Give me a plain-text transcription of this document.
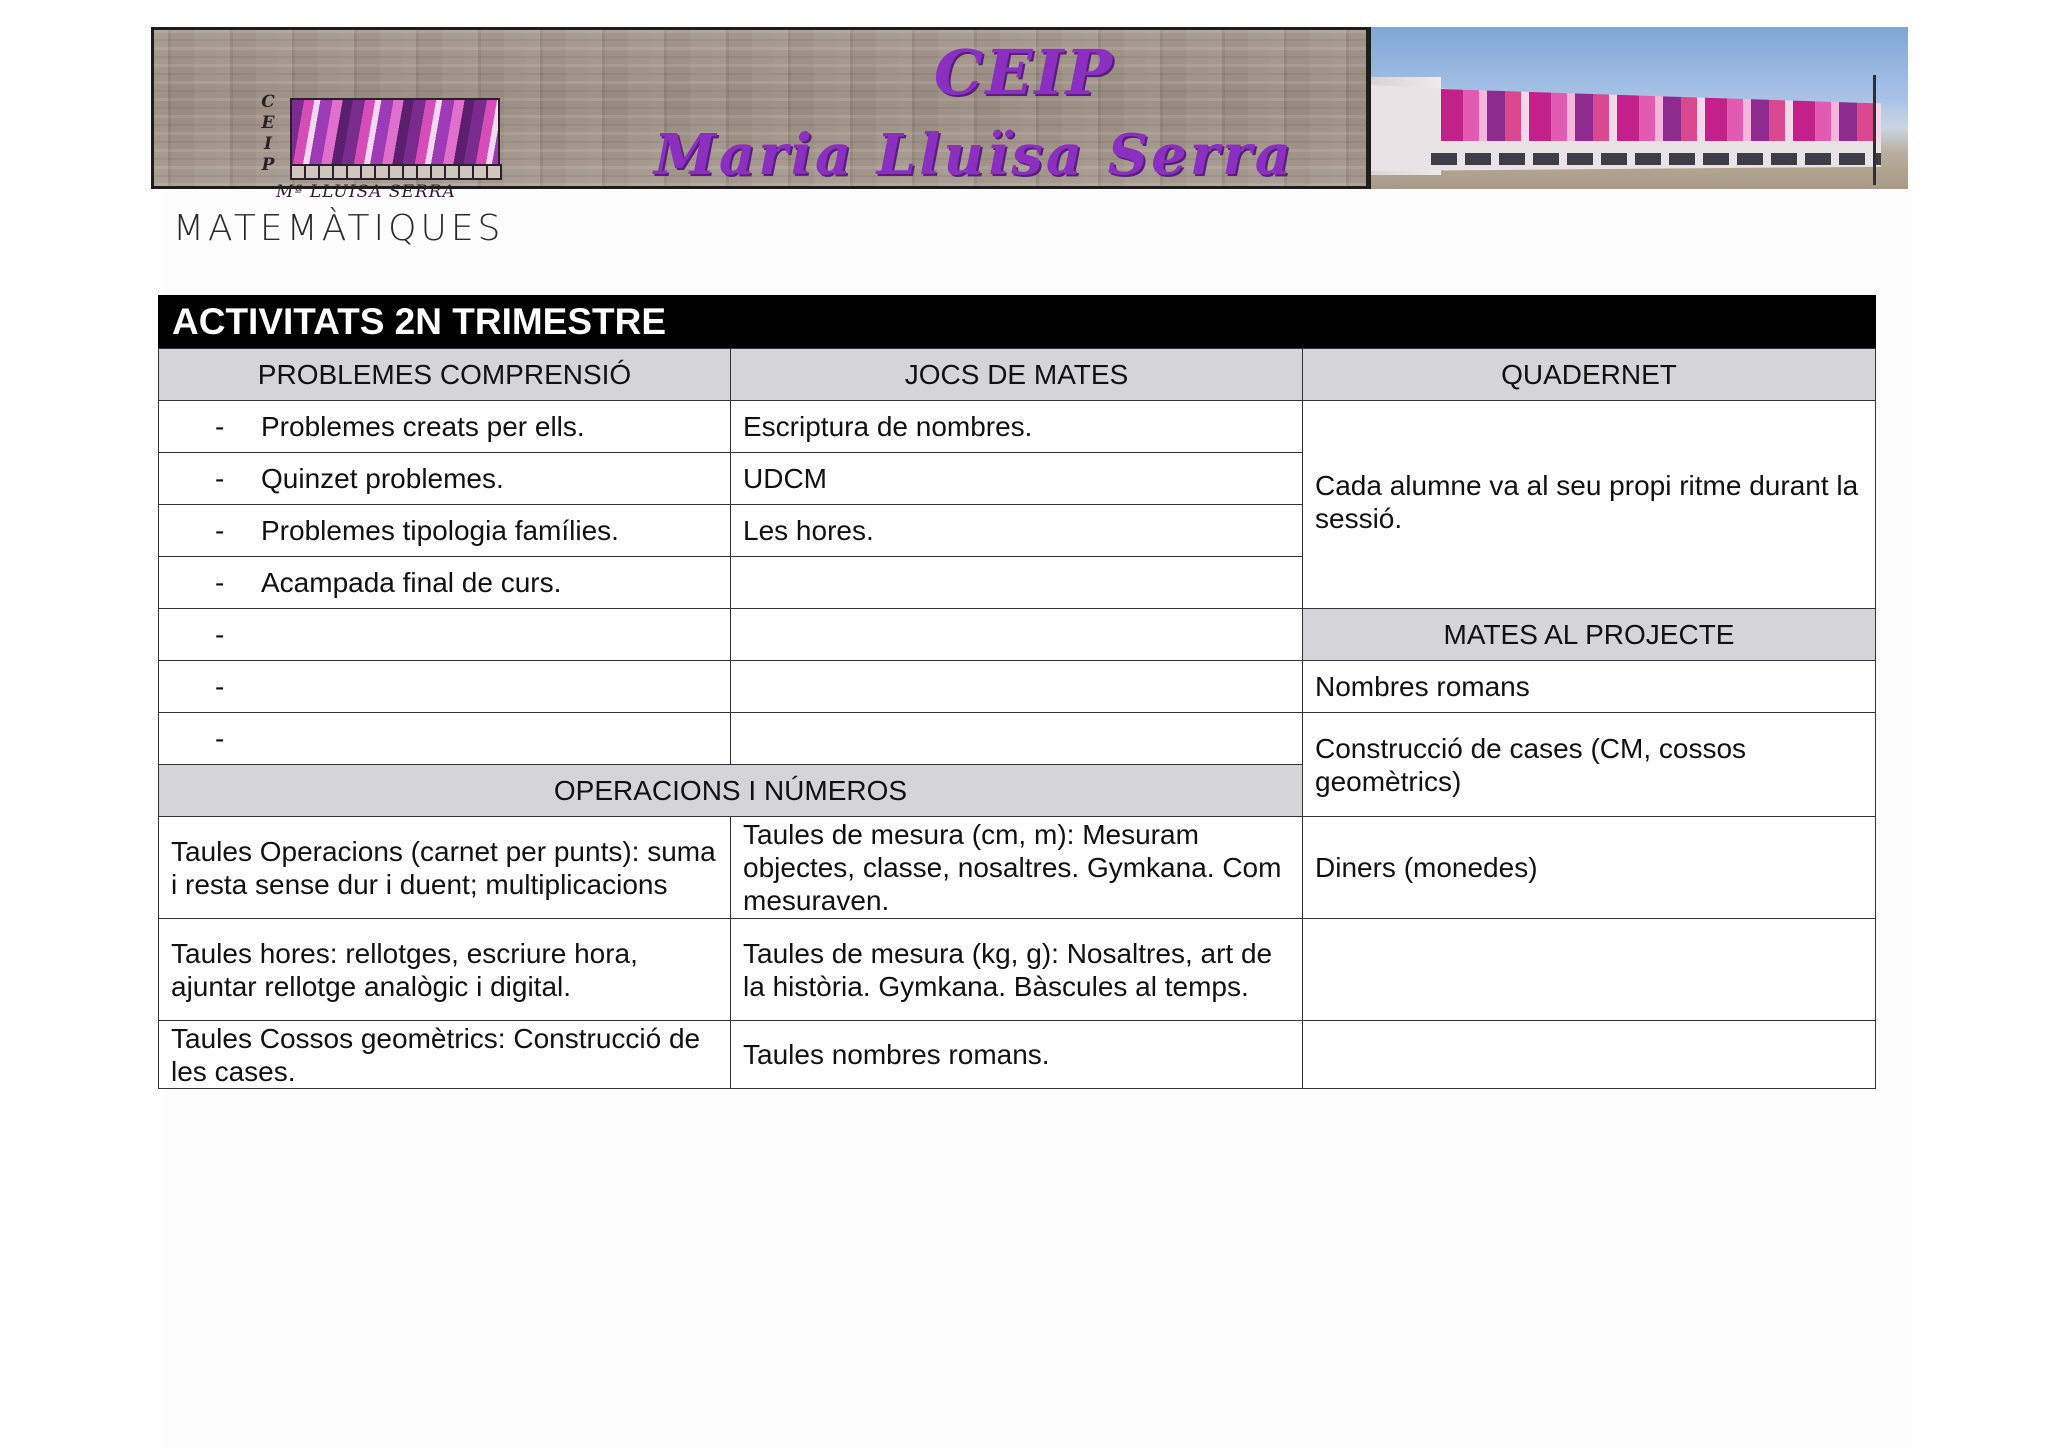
C
E
I
P
Mª LLUISA SERRA
CEIP
Maria Lluïsa Serra
MATEMÀTIQUES
ACTIVITATS 2N TRIMESTRE
PROBLEMES COMPRENSIÓ	JOCS DE MATES	QUADERNET
- Problemes creats per ells.
- Quinzet problemes.
- Problemes tipologia famílies.
- Acampada final de curs.
-
-
-
Escriptura de nombres.
UDCM
Les hores.
Cada alumne va al seu propi ritme durant la sessió.
MATES AL PROJECTE
Nombres romans
Construcció de cases (CM, cossos geomètrics)
Diners (monedes)
OPERACIONS I NÚMEROS
Taules Operacions (carnet per punts): suma i resta sense dur i duent; multiplicacions
Taules de mesura (cm, m): Mesuram objectes, classe, nosaltres. Gymkana. Com mesuraven.
Taules hores: rellotges, escriure hora, ajuntar rellotge analògic i digital.
Taules de mesura (kg, g): Nosaltres, art de la història. Gymkana. Bàscules al temps.
Taules Cossos geomètrics: Construcció de les cases.
Taules nombres romans.
